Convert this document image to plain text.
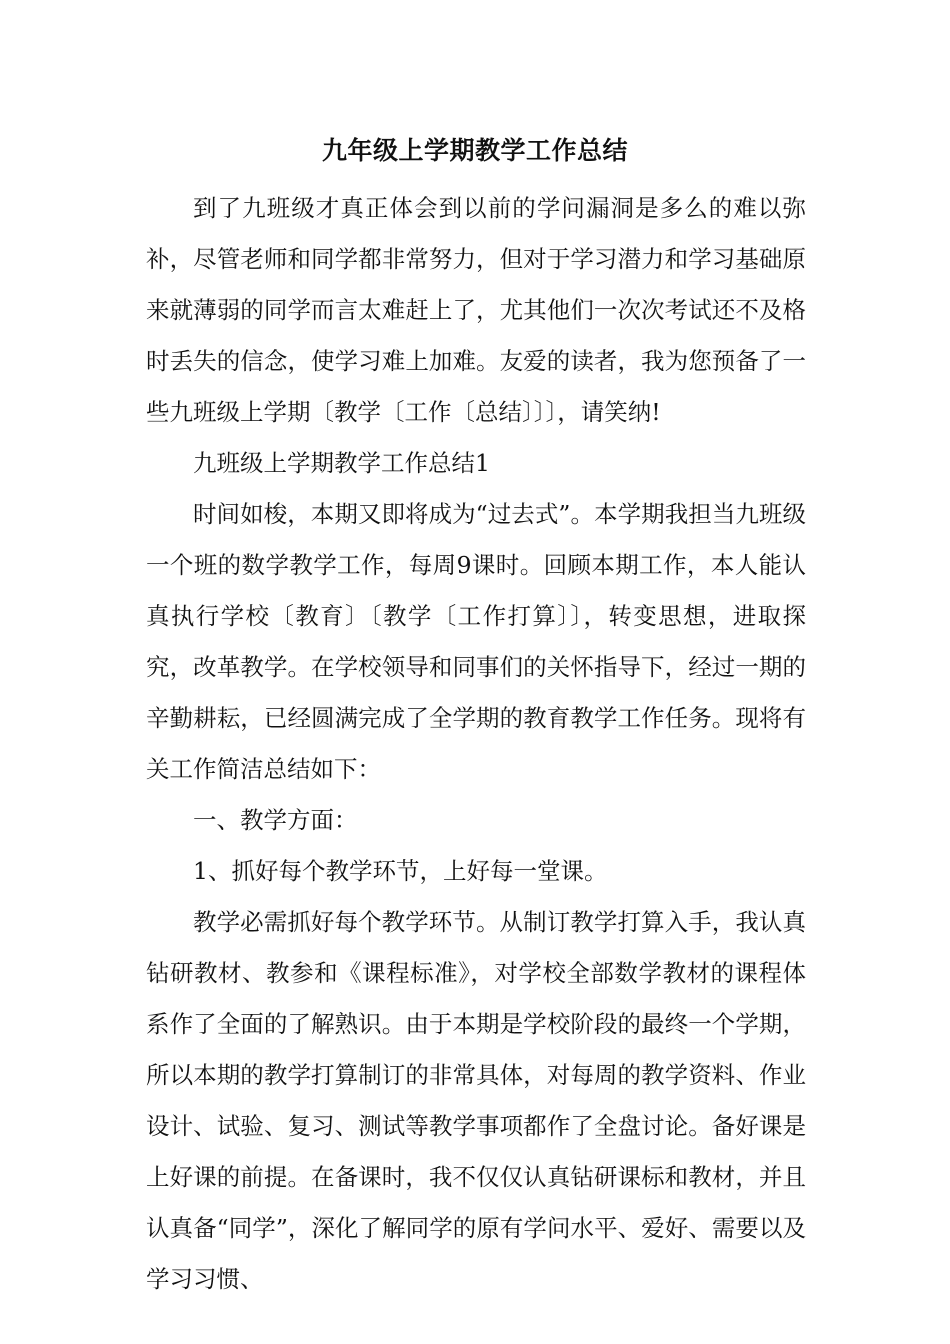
九年级上学期教学工作总结

到了九班级才真正体会到以前的学问漏洞是多么的难以弥补，尽管老师和同学都非常努力，但对于学习潜力和学习基础原来就薄弱的同学而言太难赶上了，尤其他们一次次考试还不及格时丢失的信念，使学习难上加难。友爱的读者，我为您预备了一些九班级上学期〔教学〔工作〔总结〕〕〕，请笑纳!

九班级上学期教学工作总结1

时间如梭，本期又即将成为“过去式”。本学期我担当九班级一个班的数学教学工作，每周9课时。回顾本期工作，本人能认真执行学校〔教育〕〔教学〔工作打算〕〕，转变思想，进取探究，改革教学。在学校领导和同事们的关怀指导下，经过一期的辛勤耕耘，已经圆满完成了全学期的教育教学工作任务。现将有关工作简洁总结如下：

一、教学方面：

1、抓好每个教学环节，上好每一堂课。

教学必需抓好每个教学环节。从制订教学打算入手，我认真钻研教材、教参和《课程标准》，对学校全部数学教材的课程体系作了全面的了解熟识。由于本期是学校阶段的最终一个学期，所以本期的教学打算制订的非常具体，对每周的教学资料、作业设计、试验、复习、测试等教学事项都作了全盘讨论。备好课是上好课的前提。在备课时，我不仅仅认真钻研课标和教材，并且认真备“同学”，深化了解同学的原有学问水平、爱好、需要以及学习习惯、
